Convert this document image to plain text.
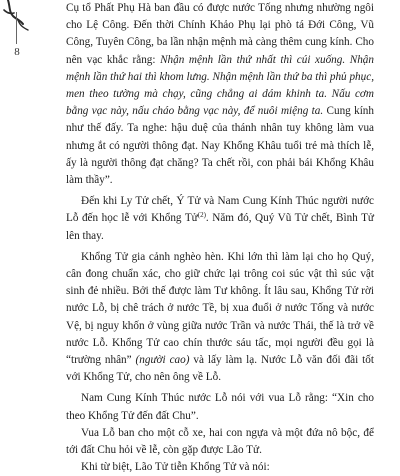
8

Cụ tổ Phất Phụ Hà ban đầu có được nước Tống nhưng nhường ngôi cho Lệ Công. Đến thời Chính Khảo Phụ lại phò tá Đới Công, Vũ Công, Tuyên Công, ba lần nhận mệnh mà càng thêm cung kính. Cho nên vạc khắc rằng: Nhận mệnh lần thứ nhất thì cúi xuống. Nhận mệnh lần thứ hai thì khom lưng. Nhận mệnh lần thứ ba thì phủ phục, men theo tường mà chạy, cũng chẳng ai dám khinh ta. Nấu cơm bằng vạc này, nấu cháo bằng vạc này, để nuôi miệng ta. Cung kính như thế đấy. Ta nghe: hậu duệ của thánh nhân tuy không làm vua nhưng ắt có người thông đạt. Nay Khổng Khâu tuổi trẻ mà thích lễ, ấy là người thông đạt chăng? Ta chết rồi, con phải bái Khổng Khâu làm thầy”.

Đến khi Ly Tử chết, Ý Tử và Nam Cung Kính Thúc người nước Lỗ đến học lễ với Khổng Tử$^{(2)}$. Năm đó, Quý Vũ Tử chết, Bình Tử lên thay.

Khổng Tử gia cảnh nghèo hèn. Khi lớn thì làm lại cho họ Quý, cân đong chuẩn xác, cho giữ chức lại trông coi súc vật thì súc vật sinh đẻ nhiều. Bởi thế được làm Tư không. Ít lâu sau, Khổng Tử rời nước Lỗ, bị chê trách ở nước Tề, bị xua đuổi ở nước Tống và nước Vệ, bị nguy khốn ở vùng giữa nước Trần và nước Thái, thế là trở về nước Lỗ. Khổng Tử cao chín thước sáu tấc, mọi người đều gọi là “trường nhân” (người cao) và lấy làm lạ. Nước Lỗ văn đối đãi tốt với Khổng Tử, cho nên ông về Lỗ.

Nam Cung Kính Thúc nước Lỗ nói với vua Lỗ rằng: “Xin cho theo Khổng Tử đến đất Chu”.

Vua Lỗ ban cho một cỗ xe, hai con ngựa và một đứa nô bộc, để tới đất Chu hỏi về lễ, còn gặp được Lão Tử.

Khi từ biệt, Lão Tử tiễn Khổng Tử và nói:
